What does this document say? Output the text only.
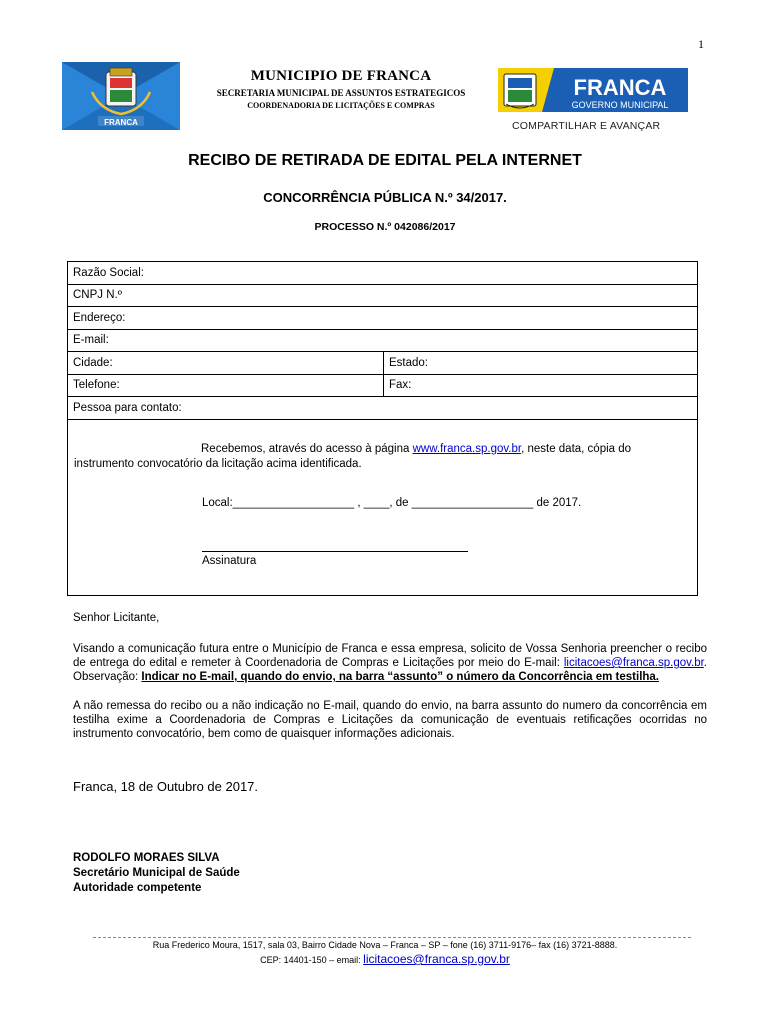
1
FRANCA
MUNICIPIO DE FRANCA
SECRETARIA MUNICIPAL DE ASSUNTOS ESTRATEGICOS
COORDENADORIA DE LICITAÇÕES E COMPRAS
FRANCA
GOVERNO MUNICIPAL
COMPARTILHAR E AVANÇAR
RECIBO DE RETIRADA DE EDITAL PELA INTERNET
CONCORRÊNCIA PÚBLICA N.º 34/2017.
PROCESSO N.º 042086/2017
Razão Social:	
CNPJ N.º	
Endereço:	
E-mail:	
Cidade:	Estado:
Telefone:	Fax:
Pessoa para contato:	
Recebemos, através do acesso à página www.franca.sp.gov.br, neste data, cópia do instrumento convocatório da licitação acima identificada.
Local:___________________ , ____, de ___________________ de 2017.
Assinatura

Senhor Licitante,

Visando a comunicação futura entre o Município de Franca e essa empresa, solicito de Vossa Senhoria preencher o recibo de entrega do edital e remeter à Coordenadoria de Compras e Licitações por meio do E-mail: licitacoes@franca.sp.gov.br. Observação: Indicar no E-mail, quando do envio, na barra “assunto” o número da Concorrência em testilha.

A não remessa do recibo ou a não indicação no E-mail, quando do envio, na barra assunto do numero da concorrência em testilha exime a Coordenadoria de Compras e Licitações da comunicação de eventuais retificações ocorridas no instrumento convocatório, bem como de quaisquer informações adicionais.

Franca, 18 de Outubro de 2017.
RODOLFO MORAES SILVA
Secretário Municipal de Saúde
Autoridade competente
Rua Frederico Moura, 1517, sala 03, Bairro Cidade Nova – Franca – SP – fone (16) 3711-9176– fax (16) 3721-8888.
CEP: 14401-150 – email: licitacoes@franca.sp.gov.br
